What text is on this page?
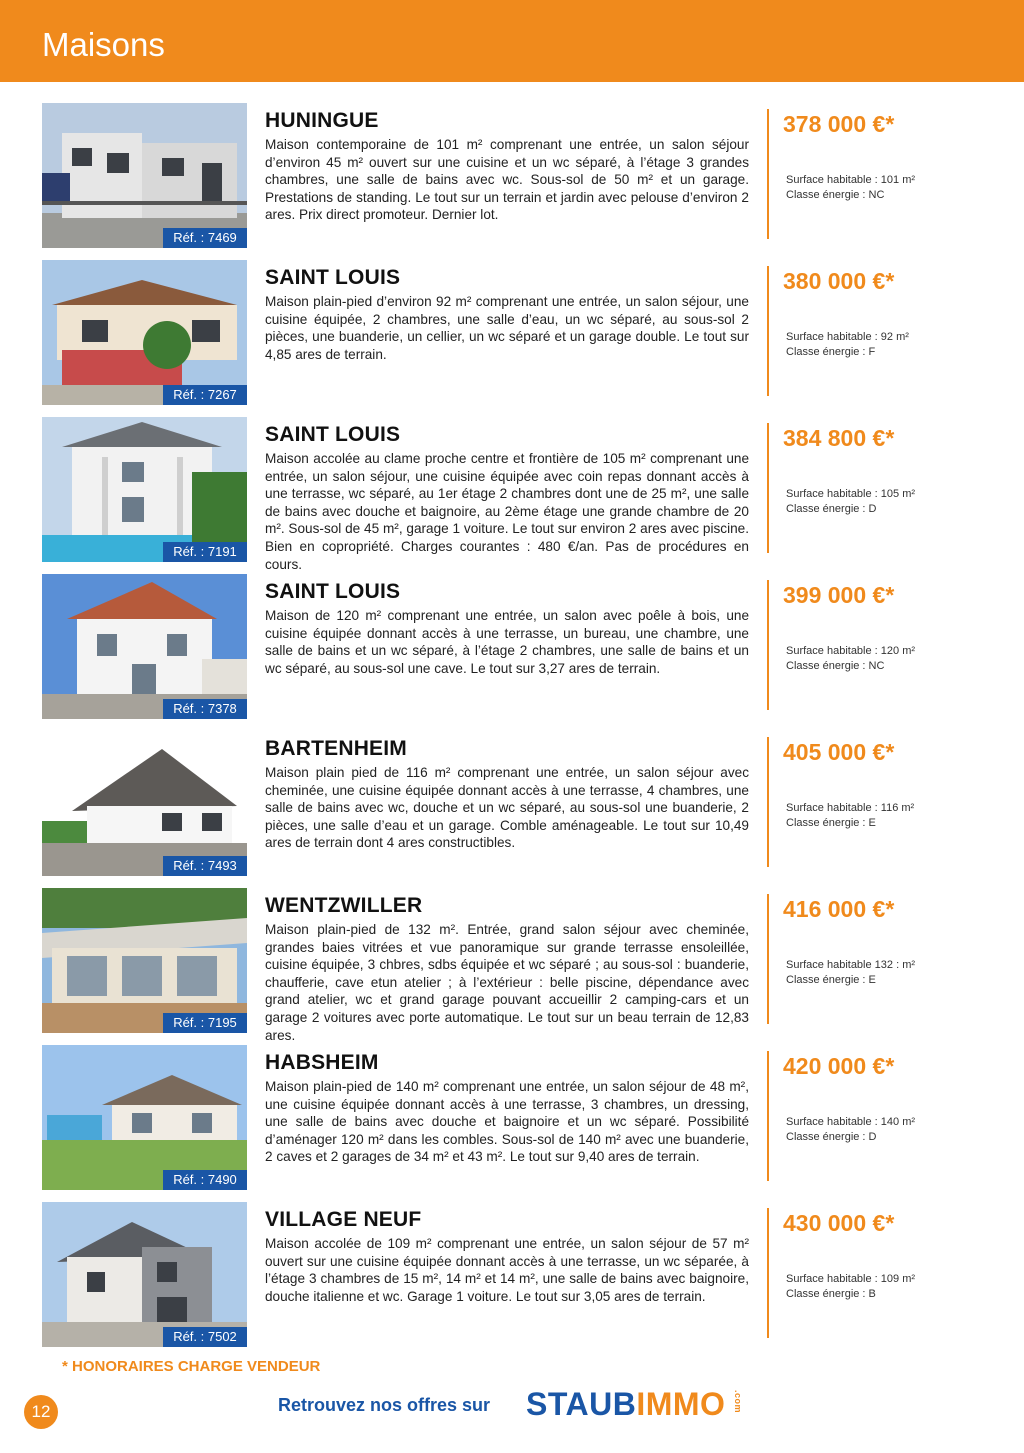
Maisons
Réf. : 7469
HUNINGUE
Maison contemporaine de 101 m² comprenant une entrée, un salon séjour d’environ 45 m² ouvert sur une cuisine et un wc séparé, à l’étage 3 grandes chambres, une salle de bains avec wc. Sous-sol de 50 m² et un garage. Prestations de standing. Le tout sur un terrain et jardin avec pelouse d’environ 2 ares. Prix direct promoteur. Dernier lot.
378 000 €*
Surface habitable : 101 m²
Classe énergie : NC
Réf. : 7267
SAINT LOUIS
Maison plain-pied d’environ 92 m² comprenant une entrée, un salon séjour, une cuisine équipée, 2 chambres, une salle d’eau, un wc séparé, au sous-sol 2 pièces, une buanderie, un cellier, un wc séparé et un garage double. Le tout sur 4,85 ares de terrain.
380 000 €*
Surface habitable : 92 m²
Classe énergie : F
Réf. : 7191
SAINT LOUIS
Maison accolée au clame proche centre et frontière de 105 m² comprenant une entrée, un salon séjour, une cuisine équipée avec coin repas donnant accès à une terrasse, wc séparé, au 1er étage 2 chambres dont une de 25 m², une salle de bains avec douche et baignoire, au 2ème étage une grande chambre de 20 m². Sous-sol de 45 m², garage 1 voiture. Le tout sur environ 2 ares avec piscine. Bien en copropriété. Charges courantes : 480 €/an. Pas de procédures en cours.
384 800 €*
Surface habitable : 105 m²
Classe énergie : D
Réf. : 7378
SAINT LOUIS
Maison de 120 m² comprenant une entrée, un salon avec poêle à bois, une cuisine équipée donnant accès à une terrasse, un bureau, une chambre, une salle de bains et un wc séparé, à l’étage 2 chambres, une salle de bains et un wc séparé, au sous-sol une cave. Le tout sur 3,27 ares de terrain.
399 000 €*
Surface habitable : 120 m²
Classe énergie : NC
Réf. : 7493
BARTENHEIM
Maison plain pied de 116 m² comprenant une entrée, un salon séjour avec cheminée, une cuisine équipée donnant accès à une terrasse, 4 chambres, une salle de bains avec wc, douche et un wc séparé, au sous-sol une buanderie, 2 pièces, une salle d’eau et un garage. Comble aménageable. Le tout sur 10,49 ares de terrain dont 4 ares constructibles.
405 000 €*
Surface habitable : 116 m²
Classe énergie : E
Réf. : 7195
WENTZWILLER
Maison plain-pied de 132 m². Entrée, grand salon séjour avec cheminée, grandes baies vitrées et vue panoramique sur grande terrasse ensoleillée, cuisine équipée, 3 chbres, sdbs équipée et wc séparé ; au sous-sol : buanderie, chaufferie, cave etun atelier ; à l’extérieur : belle piscine, dépendance avec grand atelier, wc et grand garage pouvant accueillir 2 camping-cars et un garage 2 voitures avec porte automatique. Le tout sur un beau terrain de 12,83 ares.
416 000 €*
Surface habitable 132 : m²
Classe énergie : E
Réf. : 7490
HABSHEIM
Maison plain-pied de 140 m² comprenant une entrée, un salon séjour de 48 m², une cuisine équipée donnant accès à une terrasse, 3 chambres, un dressing, une salle de bains avec douche et baignoire et un wc séparé. Possibilité d’aménager 120 m² dans les combles. Sous-sol de 140 m² avec une buanderie, 2 caves et 2 garages de 34 m² et 43 m². Le tout sur 9,40 ares de terrain.
420 000 €*
Surface habitable : 140 m²
Classe énergie : D
Réf. : 7502
VILLAGE NEUF
Maison accolée de 109 m² comprenant une entrée, un salon séjour de 57 m² ouvert sur une cuisine équipée donnant accès à une terrasse, un wc séparée, à l’étage 3 chambres de 15 m², 14 m² et 14 m², une salle de bains avec baignoire, douche italienne et wc. Garage 1 voiture. Le tout sur 3,05 ares de terrain.
430 000 €*
Surface habitable : 109 m²
Classe énergie : B
* HONORAIRES CHARGE VENDEUR
12	Retrouvez nos offres sur STAUBIMMO .com
